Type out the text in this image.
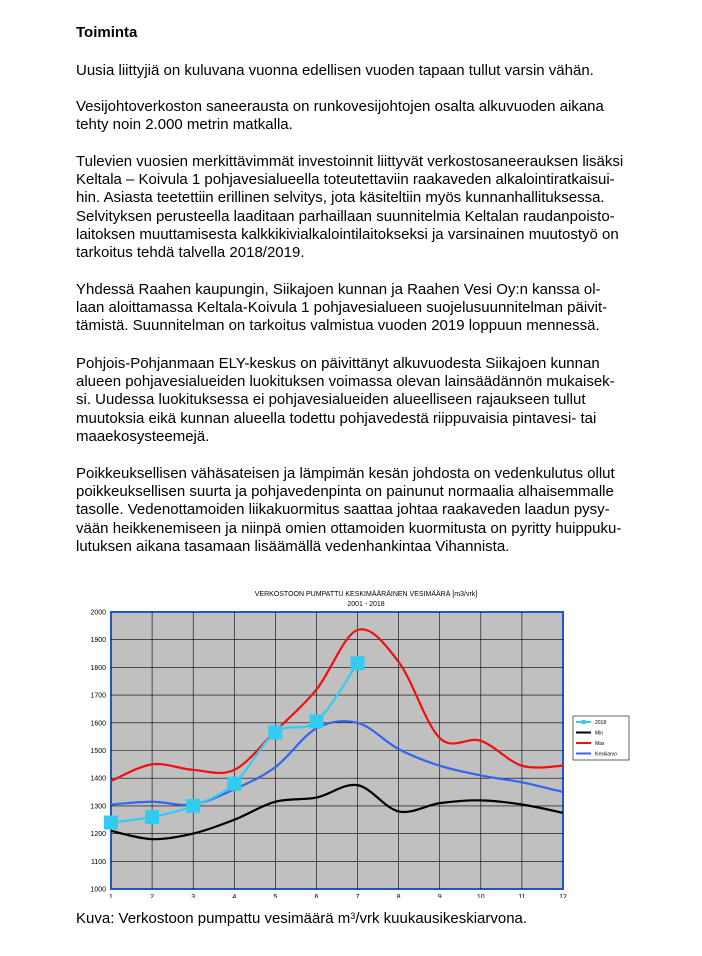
Toiminta

Uusia liittyjiä on kuluvana vuonna edellisen vuoden tapaan tullut varsin vähän.

Vesijohtoverkoston saneerausta on runkovesijohtojen osalta alkuvuoden aikana
tehty noin 2.000 metrin matkalla.

Tulevien vuosien merkittävimmät investoinnit liittyvät verkostosaneerauksen lisäksi
Keltala – Koivula 1 pohjavesialueella toteutettaviin raakaveden alkalointiratkaisui-
hin. Asiasta teetettiin erillinen selvitys, jota käsiteltiin myös kunnanhallituksessa.
Selvityksen perusteella laaditaan parhaillaan suunnitelmia Keltalan raudanpoisto-
laitoksen muuttamisesta kalkkikivialkalointilaitokseksi ja varsinainen muutostyö on
tarkoitus tehdä talvella 2018/2019.

Yhdessä Raahen kaupungin, Siikajoen kunnan ja Raahen Vesi Oy:n kanssa ol-
laan aloittamassa Keltala-Koivula 1 pohjavesialueen suojelusuunnitelman päivit-
tämistä. Suunnitelman on tarkoitus valmistua vuoden 2019 loppuun mennessä.

Pohjois-Pohjanmaan ELY-keskus on päivittänyt alkuvuodesta Siikajoen kunnan
alueen pohjavesialueiden luokituksen voimassa olevan lainsäädännön mukaisek-
si. Uudessa luokituksessa ei pohjavesialueiden alueelliseen rajaukseen tullut
muutoksia eikä kunnan alueella todettu pohjavedestä riippuvaisia pintavesi- tai
maaekosysteemejä.

Poikkeuksellisen vähäsateisen ja lämpimän kesän johdosta on vedenkulutus ollut
poikkeuksellisen suurta ja pohjavedenpinta on painunut normaalia alhaisemmalle
tasolle. Vedenottamoiden liikakuormitus saattaa johtaa raakaveden laadun pysy-
vään heikkenemiseen ja niinpä omien ottamoiden kuormitusta on pyritty huippuku-
lutuksen aikana tasamaan lisäämällä vedenhankintaa Vihannista.

1000
1100
1200
1300
1400
1500
1600
1700
1800
1900
2000
1	2	3	4	5	6	7	8	9	10	11	12
VERKOSTOON PUMPATTU KESKIMÄÄRÄINEN VESIMÄÄRÄ [m3/vrk]
2001 - 2018
2018
Min
Max
Keskiarvo

Kuva: Verkostoon pumpattu vesimäärä $m^3$/vrk kuukausikeskiarvona.
